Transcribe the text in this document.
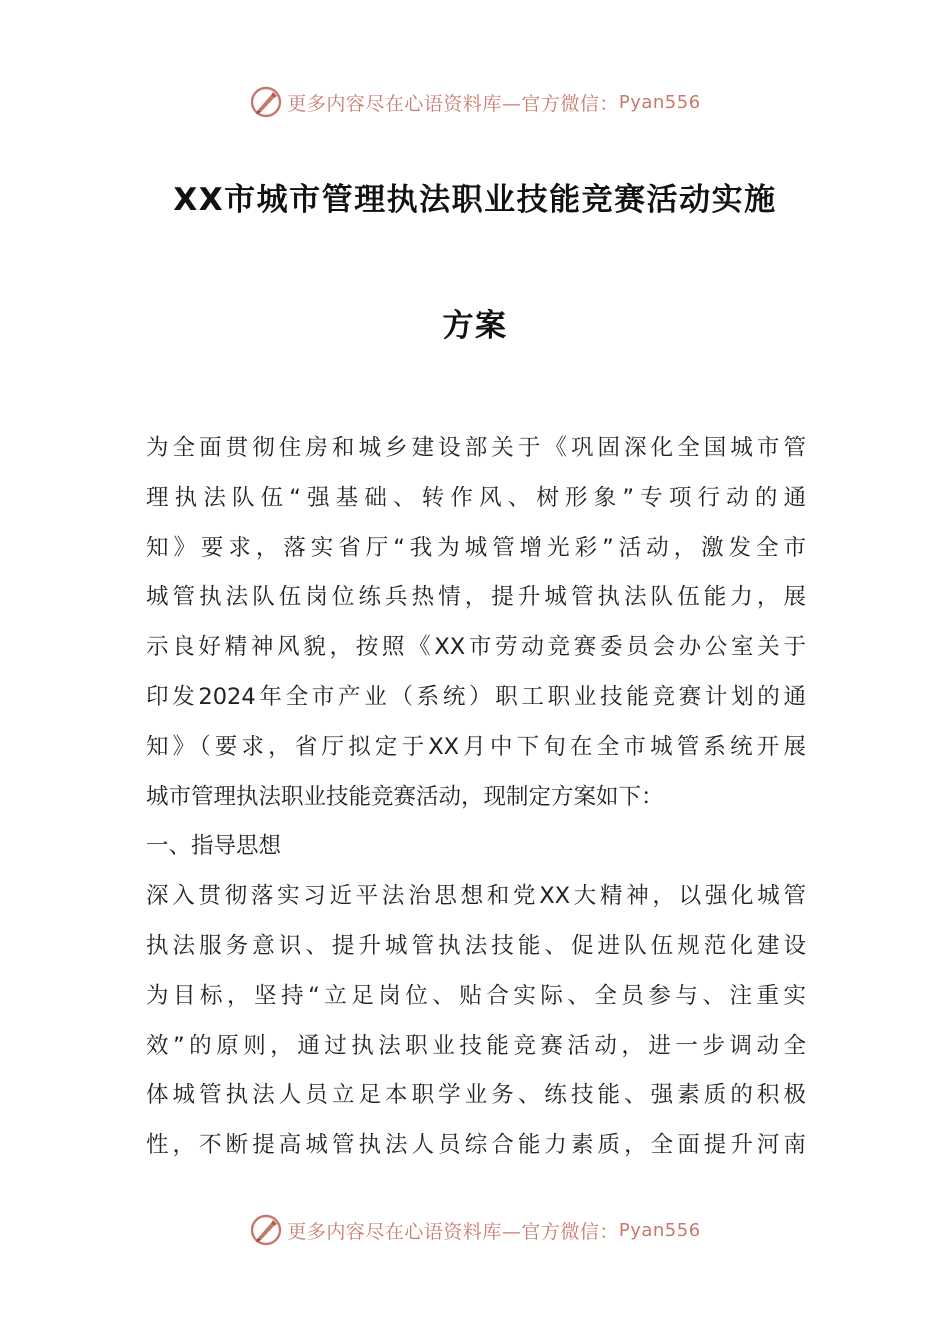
更多内容尽在心语资料库—官方微信： Pyan556
XX市城市管理执法职业技能竞赛活动实施
方案
为全面贯彻住房和城乡建设部关于《巩固深化全国城市管
理执法队伍“强基础、转作风、树形象”专项行动的通
知》要求，落实省厅“我为城管增光彩”活动，激发全市
城管执法队伍岗位练兵热情，提升城管执法队伍能力，展
示良好精神风貌，按照《XX市劳动竞赛委员会办公室关于
印发2024年全市产业（系统）职工职业技能竞赛计划的通
知》（要求，省厅拟定于XX月中下旬在全市城管系统开展
城市管理执法职业技能竞赛活动，现制定方案如下：
一、指导思想
深入贯彻落实习近平法治思想和党XX大精神，以强化城管
执法服务意识、提升城管执法技能、促进队伍规范化建设
为目标，坚持“立足岗位、贴合实际、全员参与、注重实
效”的原则，通过执法职业技能竞赛活动，进一步调动全
体城管执法人员立足本职学业务、练技能、强素质的积极
性，不断提高城管执法人员综合能力素质，全面提升河南
更多内容尽在心语资料库—官方微信： Pyan556
